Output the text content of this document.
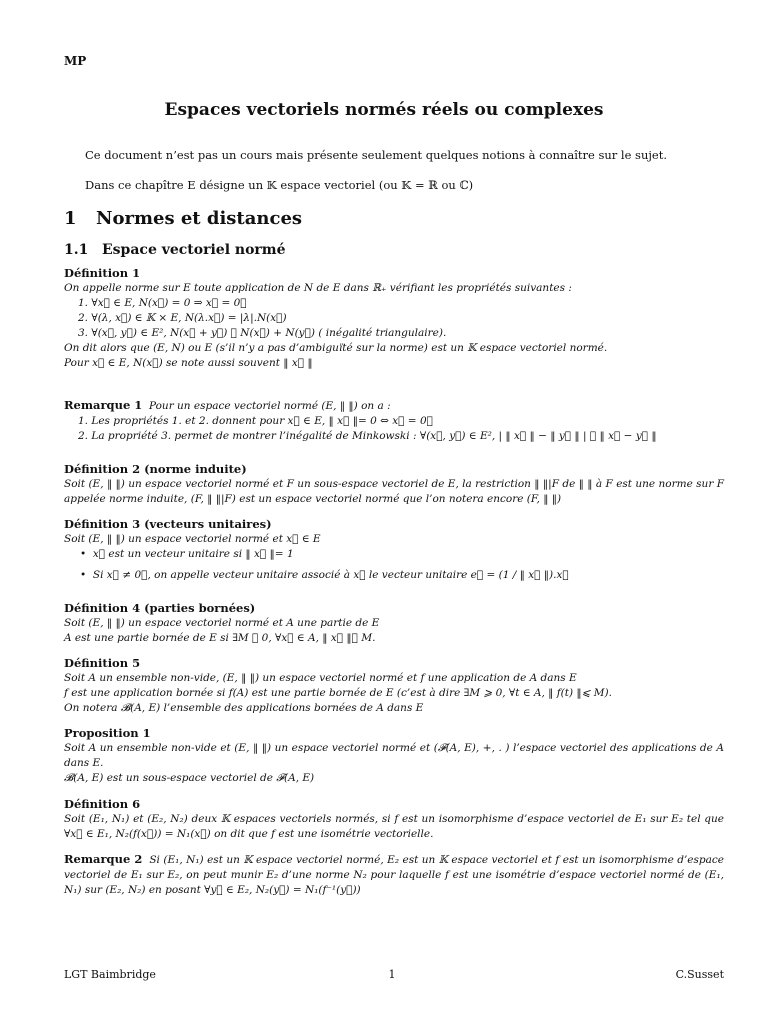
MP
Espaces vectoriels normés réels ou complexes
Ce document n’est pas un cours mais présente seulement quelques notions à connaître sur le sujet.
Dans ce chapître E désigne un 𝕂 espace vectoriel (ou 𝕂 = ℝ ou ℂ)
1 Normes et distances
1.1 Espace vectoriel normé
Définition 1
On appelle norme sur E toute application de N de E dans ℝ₊ vérifiant les propriétés suivantes :
1. ∀x⃗ ∈ E, N(x⃗) = 0 ⇒ x⃗ = 0⃗
2. ∀(λ, x⃗) ∈ 𝕂 × E, N(λ.x⃗) = |λ|.N(x⃗)
3. ∀(x⃗, y⃗) ∈ E², N(x⃗ + y⃗) ⩽ N(x⃗) + N(y⃗) ( inégalité triangulaire).
On dit alors que (E, N) ou E (s’il n’y a pas d’ambiguïté sur la norme) est un 𝕂 espace vectoriel normé.
Pour x⃗ ∈ E, N(x⃗) se note aussi souvent ‖ x⃗ ‖
Remarque 1 Pour un espace vectoriel normé (E, ‖ ‖) on a :
1. Les propriétés 1. et 2. donnent pour x⃗ ∈ E, ‖ x⃗ ‖= 0 ⇔ x⃗ = 0⃗
2. La propriété 3. permet de montrer l’inégalité de Minkowski : ∀(x⃗, y⃗) ∈ E², | ‖ x⃗ ‖ − ‖ y⃗ ‖ | ⩽ ‖ x⃗ − y⃗ ‖
Définition 2 (norme induite)
Soit (E, ‖ ‖) un espace vectoriel normé et F un sous-espace vectoriel de E, la restriction ‖ ‖|F de ‖ ‖ à F est une norme sur F appelée norme induite, (F, ‖ ‖|F) est un espace vectoriel normé que l’on notera encore (F, ‖ ‖)
Définition 3 (vecteurs unitaires)
Soit (E, ‖ ‖) un espace vectoriel normé et x⃗ ∈ E
•  x⃗ est un vecteur unitaire si ‖ x⃗ ‖= 1
•  Si x⃗ ≠ 0⃗, on appelle vecteur unitaire associé à x⃗ le vecteur unitaire e⃗ = (1 / ‖ x⃗ ‖).x⃗
Définition 4 (parties bornées)
Soit (E, ‖ ‖) un espace vectoriel normé et A une partie de E
A est une partie bornée de E si ∃M ⩾ 0, ∀x⃗ ∈ A, ‖ x⃗ ‖⩽ M.
Définition 5
Soit A un ensemble non-vide, (E, ‖ ‖) un espace vectoriel normé et f une application de A dans E
f est une application bornée si f(A) est une partie bornée de E (c’est à dire ∃M ⩾ 0, ∀t ∈ A, ‖ f(t) ‖⩽ M).
On notera 𝓑(A, E) l’ensemble des applications bornées de A dans E
Proposition 1
Soit A un ensemble non-vide et (E, ‖ ‖) un espace vectoriel normé et (𝓕(A, E), +, . ) l’espace vectoriel des applications de A dans E.
𝓑(A, E) est un sous-espace vectoriel de 𝓕(A, E)
Définition 6
Soit (E₁, N₁) et (E₂, N₂) deux 𝕂 espaces vectoriels normés, si f est un isomorphisme d’espace vectoriel de E₁ sur E₂ tel que ∀x⃗ ∈ E₁, N₂(f(x⃗)) = N₁(x⃗) on dit que f est une isométrie vectorielle.
Remarque 2 Si (E₁, N₁) est un 𝕂 espace vectoriel normé, E₂ est un 𝕂 espace vectoriel et f est un isomorphisme d’espace vectoriel de E₁ sur E₂, on peut munir E₂ d’une norme N₂ pour laquelle f est une isométrie d’espace vectoriel normé de (E₁, N₁) sur (E₂, N₂) en posant ∀y⃗ ∈ E₂, N₂(y⃗) = N₁(f⁻¹(y⃗))
LGT Baimbridge	1	C.Susset
